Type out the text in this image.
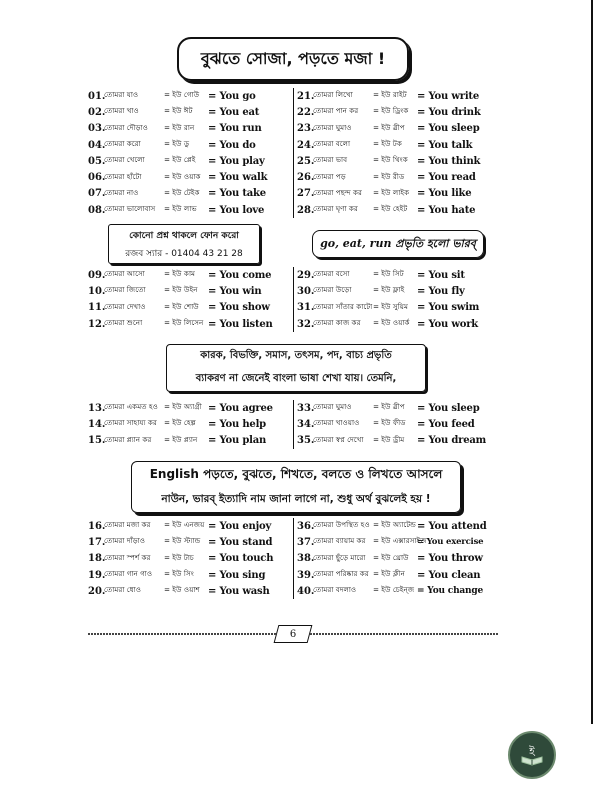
বুঝতে সোজা, পড়তে মজা !
01.
তোমরা যাও	= ইউ গোউ = You go
02.
তোমরা খাও	= ইউ ঈট	= You eat
03.
তোমরা দৌড়াও	= ইউ রান	= You run
04.
তোমরা করো	= ইউ ডু	= You do
05.
তোমরা খেলো	= ইউ প্লেই	= You play
06.
তোমরা হাঁটো	= ইউ ওয়াক = You walk
07.
তোমরা নাও	= ইউ টেইক = You take
08.
তোমরা ভালোবাস	= ইউ লাভ	= You love
21.
তোমরা লিখো	= ইউ রাইট	= You write
22.
তোমরা পান কর	= ইউ ড্রিংক = You drink
23.
তোমরা ঘুমাও	= ইউ স্লীপ	= You sleep
24.
তোমরা বলো	= ইউ টক	= You talk
25.
তোমরা ভাব	= ইউ থিংক = You think
26.
তোমরা পড়	= ইউ রীড	= You read
27.
তোমরা পছন্দ কর	= ইউ লাইক = You like
28.
তোমরা ঘৃণা কর	= ইউ হেইট = You hate
কোনো প্রশ্ন থাকলে ফোন করো
রজব স্যার - 01404 43 21 28
go, eat, run প্রভৃতি হলো ভারব্
09.
তোমরা আসো	= ইউ কাম	= You come
10.
তোমরা জিতো	= ইউ উইন	= You win
11.
তোমরা দেখাও	= ইউ শোউ = You show
12.
তোমরা শুনো	= ইউ লিসেন = You listen
29.
তোমরা বসো	= ইউ সিট	= You sit
30.
তোমরা উড়ো	= ইউ ফ্লাই	= You fly
31.
তোমরা সাঁতার কাটো = ইউ সুয়িম = You swim
32.
তোমরা কাজ কর	= ইউ ওয়ার্ক = You work
কারক, বিভক্তি, সমাস, তৎসম, পদ, বাচ্য প্রভৃতি
ব্যাকরণ না জেনেই বাংলা ভাষা শেখা যায়। তেমনি,
13.
তোমরা একমত হও = ইউ অ্যাগ্রী = You agree
14.
তোমরা সাহায্য কর = ইউ হেল্প	= You help
15.
তোমরা প্ল্যান কর	= ইউ প্ল্যান	= You plan
33.
তোমরা ঘুমাও	= ইউ স্লীপ	= You sleep
34.
তোমরা খাওয়াও	= ইউ ফীড	= You feed
35.
তোমরা স্বপ্ন দেখো	= ইউ ড্রীম	= You dream
English পড়তে, বুঝতে, শিখতে, বলতে ও লিখতে আসলে
নাউন, ভারব্ ইত্যাদি নাম জানা লাগে না, শুধু অর্থ বুঝলেই হয় !
16.
তোমরা মজা কর	= ইউ এনজয় = You enjoy
17.
তোমরা দাঁড়াও	= ইউ স্ট্যান্ড = You stand
18.
তোমরা স্পর্শ কর	= ইউ টাচ	= You touch
19.
তোমরা গান গাও	= ইউ সিং	= You sing
20.
তোমরা ধোও	= ইউ ওয়াশ = You wash
36.
তোমরা উপস্থিত হও = ইউ অ্যাটেন্ড = You attend
37.
তোমরা ব্যায়াম কর	= ইউ এক্সারসাইজ
= You exercise
38.
তোমরা ছুঁড়ে মারো	= ইউ থ্রোউ = You throw
39.
তোমরা পরিষ্কার কর = ইউ ক্লীন	= You clean
40.
তোমরা বদলাও	= ইউ চেইন্জ = You change
6
ই
